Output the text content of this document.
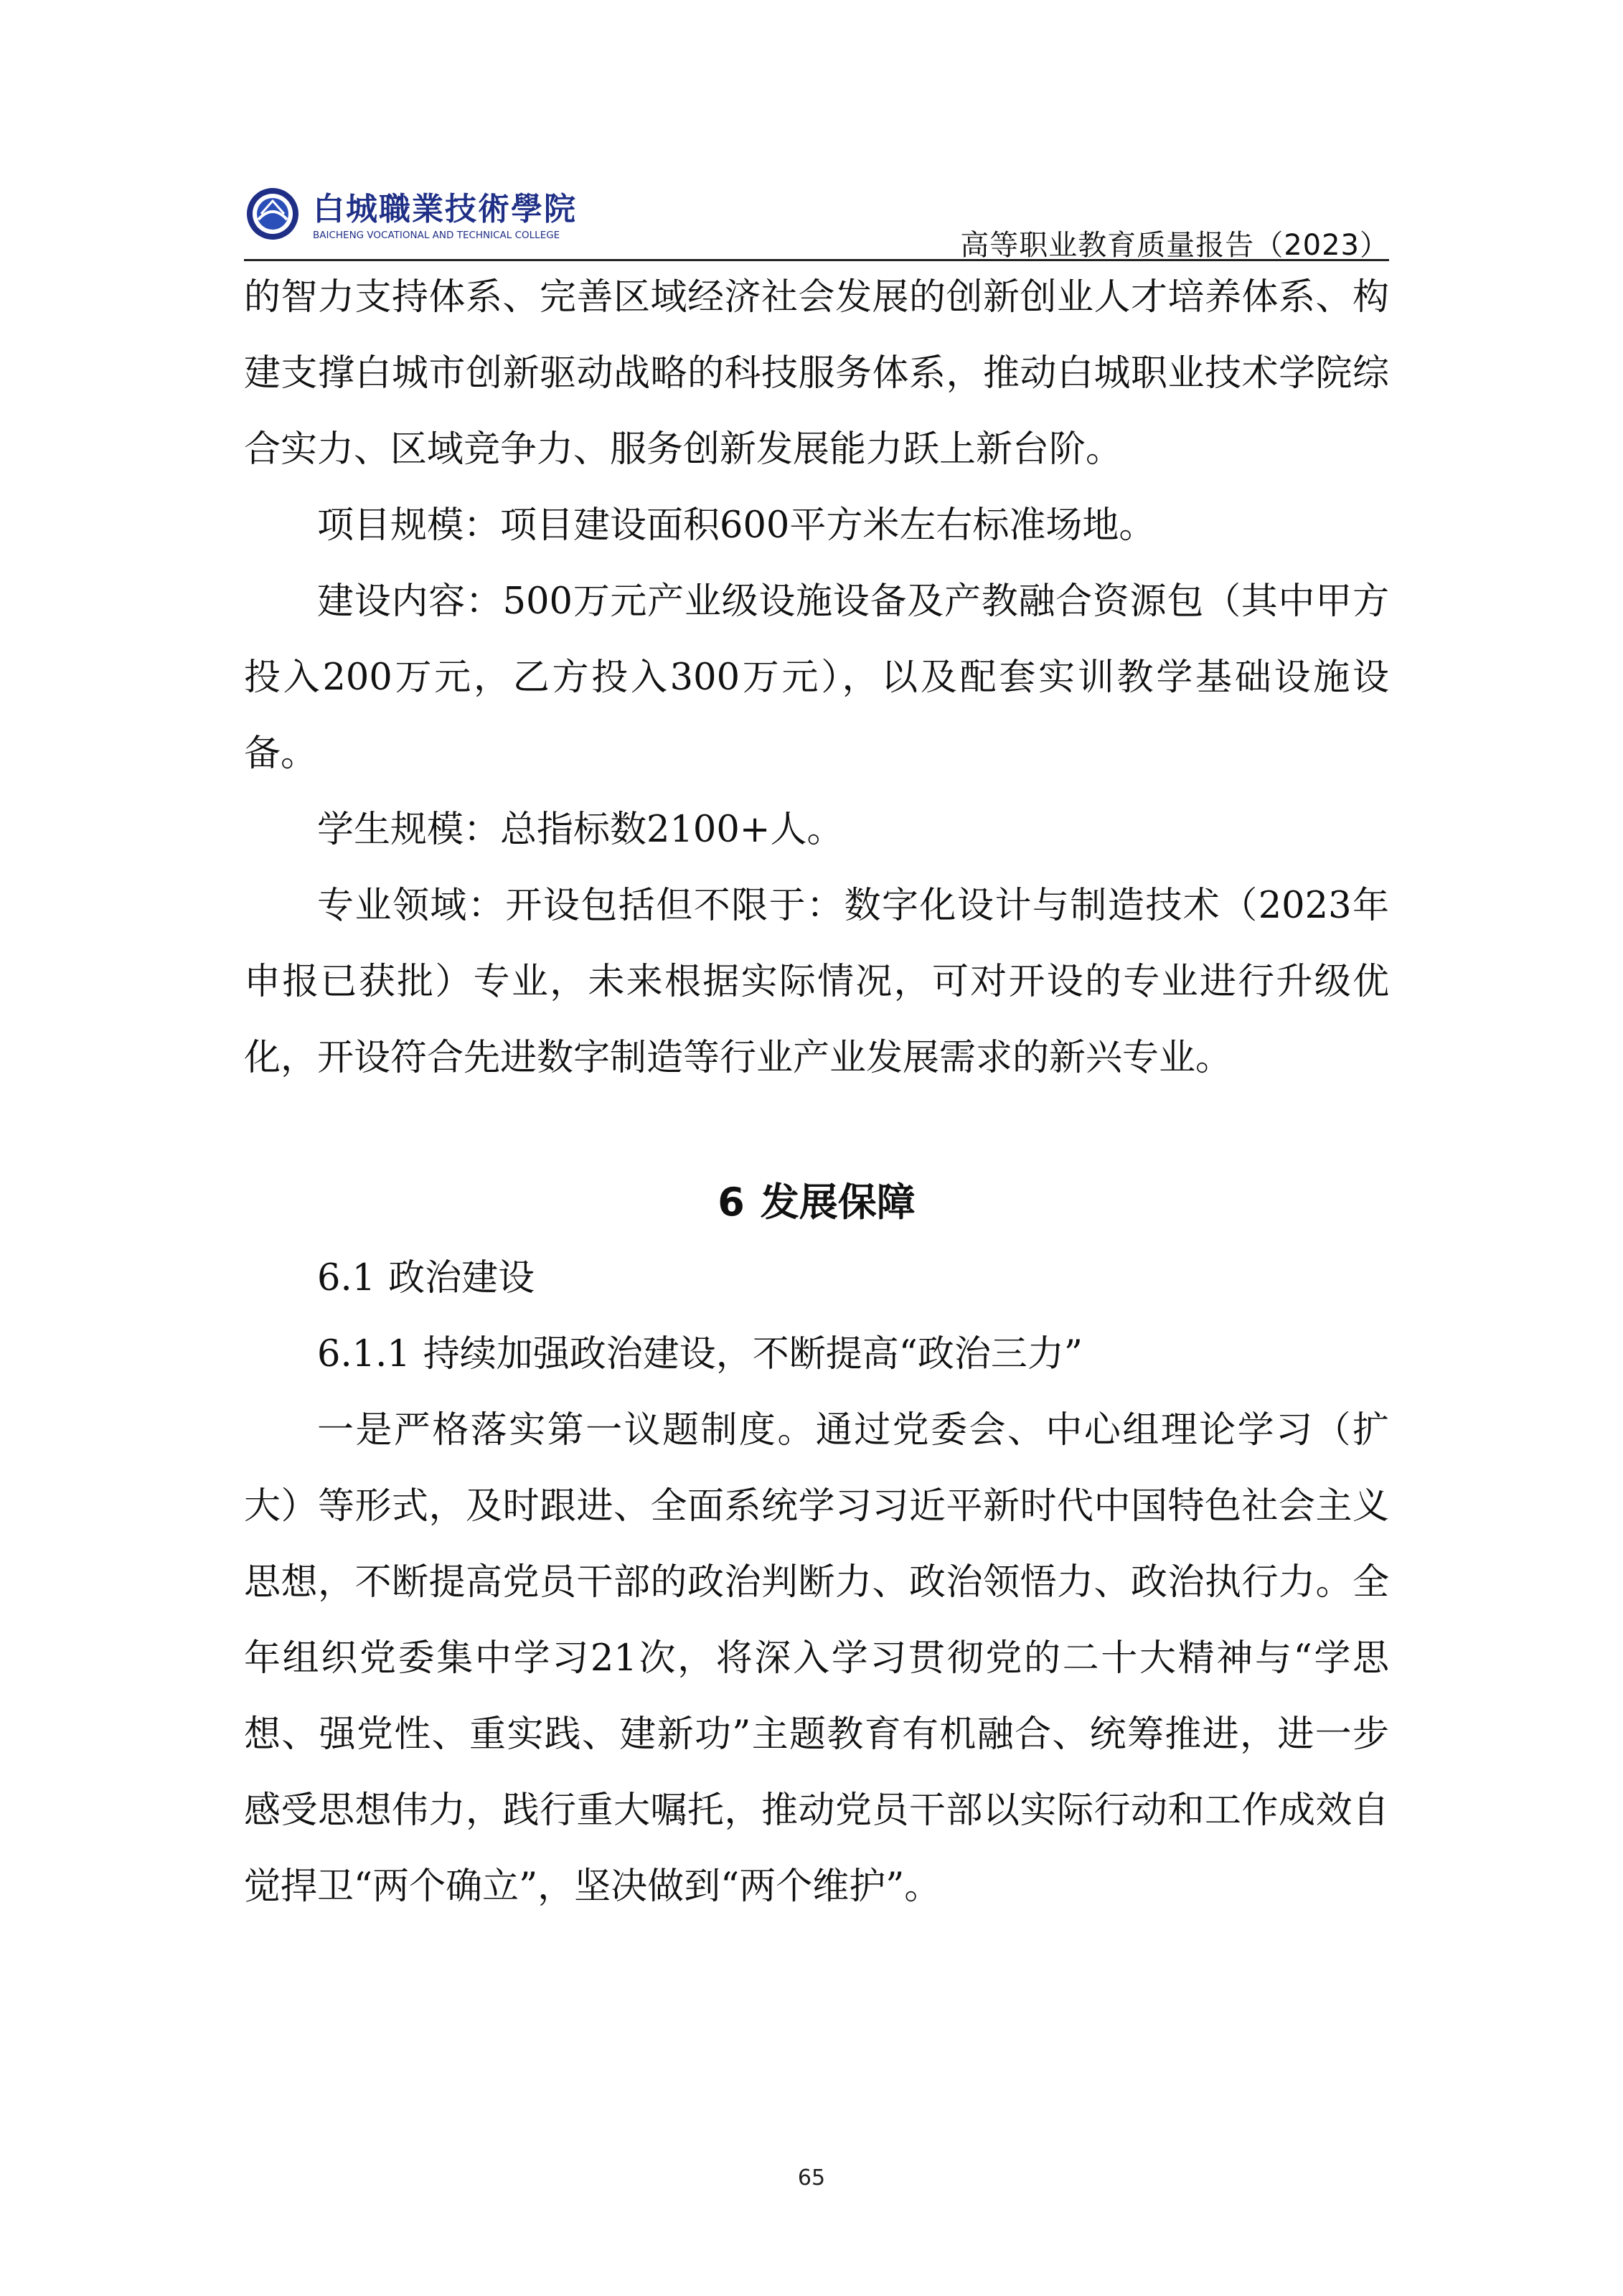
白城職業技術學院
BAICHENG VOCATIONAL AND TECHNICAL COLLEGE	高等职业教育质量报告（2023）

的智力支持体系、完善区域经济社会发展的创新创业人才培养体系、构建支撑白城市创新驱动战略的科技服务体系，推动白城职业技术学院综合实力、区域竞争力、服务创新发展能力跃上新台阶。

项目规模：项目建设面积600平方米左右标准场地。

建设内容：500万元产业级设施设备及产教融合资源包（其中甲方投入200万元，乙方投入300万元），以及配套实训教学基础设施设备。

学生规模：总指标数2100+人。

专业领域：开设包括但不限于：数字化设计与制造技术（2023年申报已获批）专业，未来根据实际情况，可对开设的专业进行升级优化，开设符合先进数字制造等行业产业发展需求的新兴专业。

6 发展保障
6.1 政治建设
6.1.1 持续加强政治建设，不断提高“政治三力”

一是严格落实第一议题制度。通过党委会、中心组理论学习（扩大）等形式，及时跟进、全面系统学习习近平新时代中国特色社会主义思想，不断提高党员干部的政治判断力、政治领悟力、政治执行力。全年组织党委集中学习21次，将深入学习贯彻党的二十大精神与“学思想、强党性、重实践、建新功”主题教育有机融合、统筹推进，进一步感受思想伟力，践行重大嘱托，推动党员干部以实际行动和工作成效自觉捍卫“两个确立”，坚决做到“两个维护”。

65
